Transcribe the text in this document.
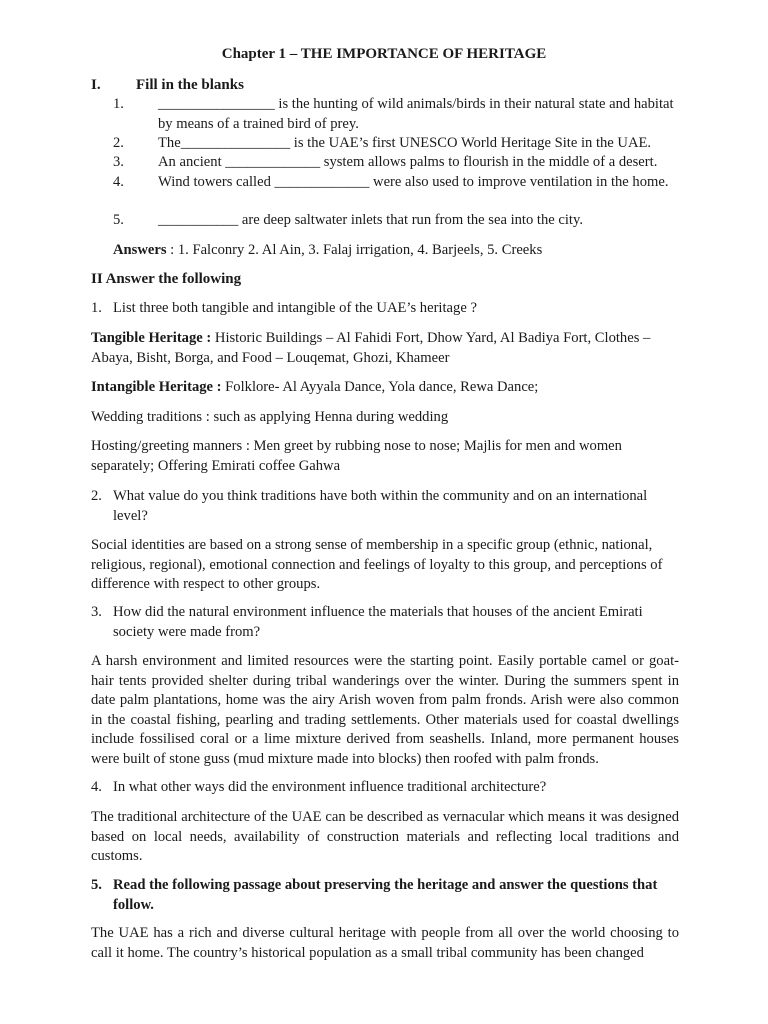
Chapter 1 – THE IMPORTANCE OF HERITAGE
I. Fill in the blanks
1. ________________ is the hunting of wild animals/birds in their natural state and habitat by means of a trained bird of prey.
2. The_______________ is the UAE’s first UNESCO World Heritage Site in the UAE.
3. An ancient _____________ system allows palms to flourish in the middle of a desert.
4. Wind towers called _____________ were also used to improve ventilation in the home.
5. ___________ are deep saltwater inlets that run from the sea into the city.
Answers : 1. Falconry 2. Al Ain, 3. Falaj irrigation, 4. Barjeels, 5. Creeks
II Answer the following
1. List three both tangible and intangible of the UAE’s heritage ?
Tangible Heritage : Historic Buildings – Al Fahidi Fort, Dhow Yard, Al Badiya Fort, Clothes – Abaya, Bisht, Borga, and Food – Louqemat, Ghozi, Khameer
Intangible Heritage : Folklore- Al Ayyala Dance, Yola dance, Rewa Dance;
Wedding traditions : such as applying Henna during wedding
Hosting/greeting manners : Men greet by rubbing nose to nose; Majlis for men and women separately; Offering Emirati coffee Gahwa
2. What value do you think traditions have both within the community and on an international level?
Social identities are based on a strong sense of membership in a specific group (ethnic, national, religious, regional), emotional connection and feelings of loyalty to this group, and perceptions of difference with respect to other groups.
3. How did the natural environment influence the materials that houses of the ancient Emirati society were made from?
A harsh environment and limited resources were the starting point. Easily portable camel or goat-hair tents provided shelter during tribal wanderings over the winter. During the summers spent in date palm plantations, home was the airy Arish woven from palm fronds. Arish were also common in the coastal fishing, pearling and trading settlements. Other materials used for coastal dwellings include fossilised coral or a lime mixture derived from seashells. Inland, more permanent houses were built of stone guss (mud mixture made into blocks) then roofed with palm fronds.
4. In what other ways did the environment influence traditional architecture?
The traditional architecture of the UAE can be described as vernacular which means it was designed based on local needs, availability of construction materials and reflecting local traditions and customs.
5. Read the following passage about preserving the heritage and answer the questions that follow.
The UAE has a rich and diverse cultural heritage with people from all over the world choosing to call it home. The country’s historical population as a small tribal community has been changed
